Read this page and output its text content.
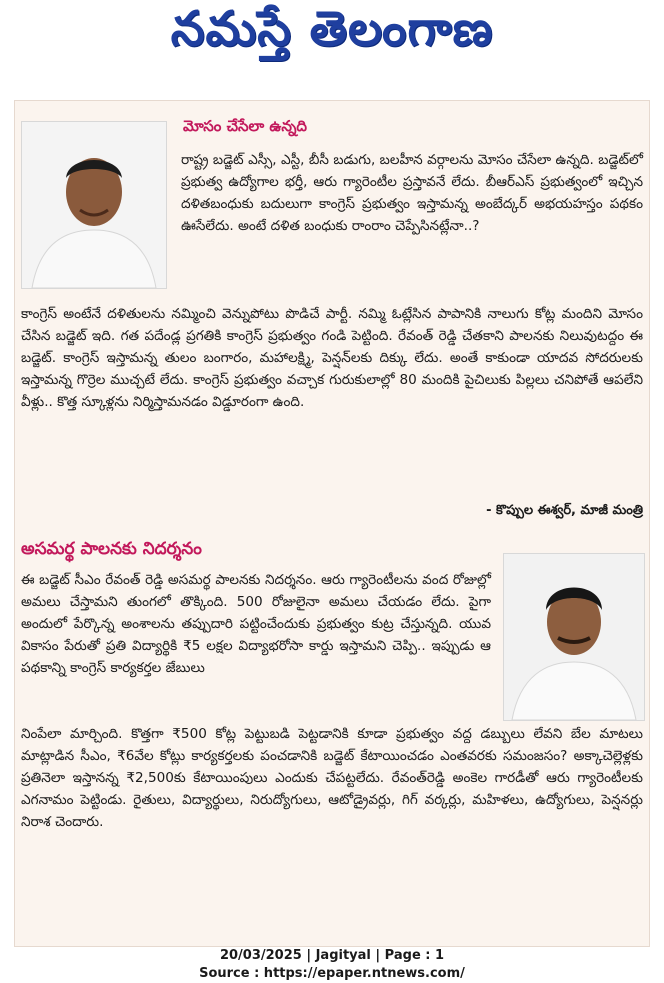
నమస్తే తెలంగాణ
మోసం చేసేలా ఉన్నది
రాష్ట్ర బడ్జెట్ ఎస్సీ, ఎస్టీ, బీసీ బడుగు, బలహీన వర్గాలను మోసం చేసేలా ఉన్నది. బడ్జెట్‌లో ప్రభుత్వ ఉద్యోగాల భర్తీ, ఆరు గ్యారెంటీల ప్రస్తావనే లేదు. బీఆర్‌ఎస్ ప్రభుత్వంలో ఇచ్చిన దళితబంధుకు బదులుగా కాంగ్రెస్ ప్రభుత్వం ఇస్తామన్న అంబేద్కర్ అభయహస్తం పథకం ఊసేలేదు. అంటే దళిత బంధుకు రాంరాం చెప్పేసినట్లేనా..?
కాంగ్రెస్ అంటేనే దళితులను నమ్మించి వెన్నుపోటు పొడిచే పార్టీ. నమ్మి ఓట్లేసిన పాపానికి నాలుగు కోట్ల మందిని మోసం చేసిన బడ్జెట్ ఇది. గత పదేండ్ల ప్రగతికి కాంగ్రెస్ ప్రభుత్వం గండి పెట్టింది. రేవంత్ రెడ్డి చేతకాని పాలనకు నిలువుటద్దం ఈ బడ్జెట్. కాంగ్రెస్ ఇస్తామన్న తులం బంగారం, మహాలక్ష్మి, పెన్షన్‌లకు దిక్కు లేదు. అంతే కాకుండా యాదవ సోదరులకు ఇస్తామన్న గొర్రెల ముచ్చటే లేదు. కాంగ్రెస్ ప్రభుత్వం వచ్చాక గురుకులాల్లో 80 మందికి పైచిలుకు పిల్లలు చనిపోతే ఆపలేని వీళ్లు.. కొత్త స్కూళ్లను నిర్మిస్తామనడం విడ్డూరంగా ఉంది.
- కొప్పుల ఈశ్వర్, మాజీ మంత్రి
అసమర్థ పాలనకు నిదర్శనం
ఈ బడ్జెట్ సీఎం రేవంత్ రెడ్డి అసమర్థ పాలనకు నిదర్శనం. ఆరు గ్యారెంటీలను వంద రోజుల్లో అమలు చేస్తామని తుంగలో తొక్కింది. 500 రోజులైనా అమలు చేయడం లేదు. పైగా అందులో పేర్కొన్న అంశాలను తప్పుదారి పట్టించేందుకు ప్రభుత్వం కుట్ర చేస్తున్నది. యువ వికాసం పేరుతో ప్రతి విద్యార్థికి ₹5 లక్షల విద్యాభరోసా కార్డు ఇస్తామని చెప్పి.. ఇప్పుడు ఆ పథకాన్ని కాంగ్రెస్ కార్యకర్తల జేబులు
నింపేలా మార్చింది. కొత్తగా ₹500 కోట్ల పెట్టుబడి పెట్టడానికి కూడా ప్రభుత్వం వద్ద డబ్బులు లేవని బేల మాటలు మాట్లాడిన సీఎం, ₹6వేల కోట్లు కార్యకర్తలకు పంచడానికి బడ్జెట్ కేటాయించడం ఎంతవరకు సమంజసం? అక్కాచెల్లెళ్లకు ప్రతినెలా ఇస్తానన్న ₹2,500కు కేటాయింపులు ఎందుకు చేపట్టలేదు. రేవంత్‌రెడ్డి అంకెల గారడీతో ఆరు గ్యారెంటీలకు ఎగనామం పెట్టిండు. రైతులు, విద్యార్థులు, నిరుద్యోగులు, ఆటోడ్రైవర్లు, గిగ్ వర్కర్లు, మహిళలు, ఉద్యోగులు, పెన్షనర్లు నిరాశ చెందారు.
20/03/2025 | Jagityal | Page : 1
Source : https://epaper.ntnews.com/
